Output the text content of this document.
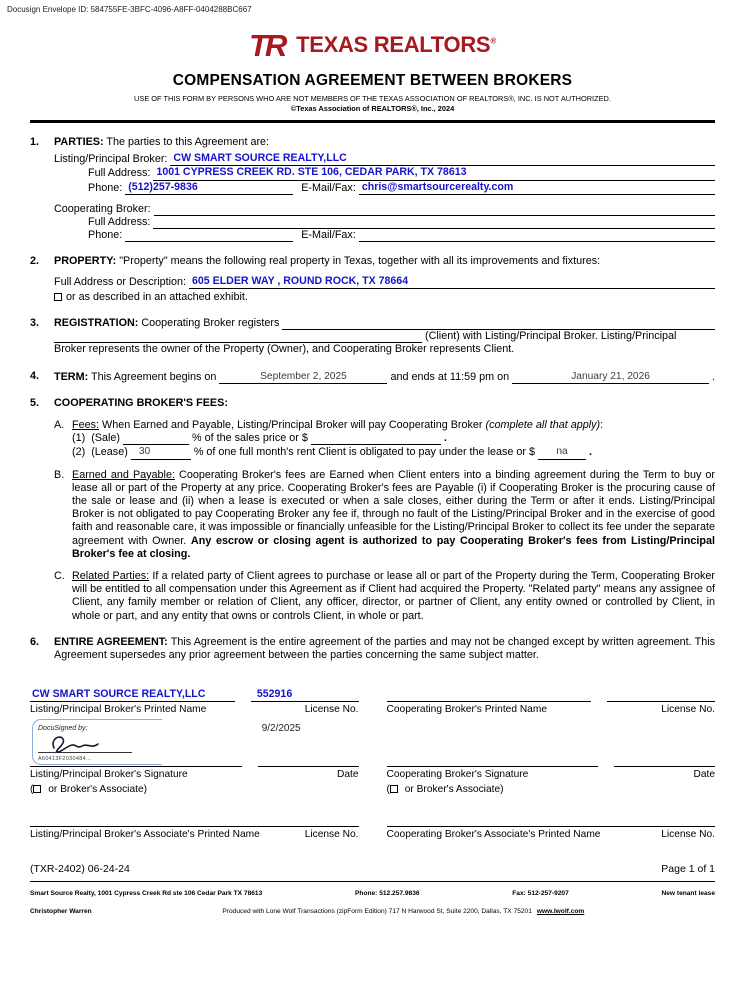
Docusign Envelope ID: 584755FE-3BFC-4096-A8FF-0404288BC667
T
R TEXAS REALTORS®
COMPENSATION AGREEMENT BETWEEN BROKERS
USE OF THIS FORM BY PERSONS WHO ARE NOT MEMBERS OF THE TEXAS ASSOCIATION OF REALTORS®, INC. IS NOT AUTHORIZED.
©Texas Association of REALTORS®, Inc., 2024
1.	PARTIES: The parties to this Agreement are:
Listing/Principal Broker: CW SMART SOURCE REALTY,LLC
Full Address: 1001 CYPRESS CREEK RD. STE 106, CEDAR PARK, TX 78613
Phone: (512)257-9836	E-Mail/Fax: chris@smartsourcerealty.com
Cooperating Broker:
Full Address:
Phone:	E-Mail/Fax:
2.	PROPERTY: "Property" means the following real property in Texas, together with all its improvements and fixtures:
Full Address or Description: 605 ELDER WAY , ROUND ROCK, TX 78664
or as described in an attached exhibit.
3.	REGISTRATION: Cooperating Broker registers
(Client) with Listing/Principal Broker. Listing/Principal
Broker represents the owner of the Property (Owner), and Cooperating Broker represents Client.
4.	TERM: This Agreement begins on	September 2, 2025	and ends at 11:59 pm on	January 21, 2026	.
5.	COOPERATING BROKER'S FEES:
A. Fees: When Earned and Payable, Listing/Principal Broker will pay Cooperating Broker (complete all that apply):
(1)  (Sale)	% of the sales price or $	.
(2)  (Lease)	30	% of one full month's rent Client is obligated to pay under the lease or $	na	.
B. Earned and Payable: Cooperating Broker's fees are Earned when Client enters into a binding agreement during the Term to buy or lease all or part of the Property at any price. Cooperating Broker's fees are Payable (i) if Cooperating Broker is the procuring cause of the sale or lease and (ii) when a lease is executed or when a sale closes, either during the Term or after it ends. Listing/Principal Broker is not obligated to pay Cooperating Broker any fee if, through no fault of the Listing/Principal Broker and in the exercise of good faith and reasonable care, it was impossible or financially unfeasible for the Listing/Principal Broker to collect its fee under the separate agreement with Owner. Any escrow or closing agent is authorized to pay Cooperating Broker's fees from Listing/Principal Broker's fee at closing.
C. Related Parties: If a related party of Client agrees to purchase or lease all or part of the Property during the Term, Cooperating Broker will be entitled to all compensation under this Agreement as if Client had acquired the Property. "Related party" means any assignee of Client, any family member or relation of Client, any officer, director, or partner of Client, any entity owned or controlled by Client, in whole or part, and any entity that owns or controls Client, in whole or part.
6.	ENTIRE AGREEMENT: This Agreement is the entire agreement of the parties and may not be changed except by written agreement. This Agreement supersedes any prior agreement between the parties concerning the same subject matter.
CW SMART SOURCE REALTY,LLC	552916
Listing/Principal Broker's Printed Name	License No.
DocuSigned by:
A60413F2030484...
9/2/2025
Listing/Principal Broker's Signature	Date
( or Broker's Associate)
Listing/Principal Broker's Associate's Printed Name	License No.
Cooperating Broker's Printed Name	License No.
Cooperating Broker's Signature	Date
( or Broker's Associate)
Cooperating Broker's Associate's Printed Name	License No.
(TXR-2402) 06-24-24	Page 1 of 1
Smart Source Realty, 1001 Cypress Creek Rd ste 106 Cedar Park TX 78613	Phone: 512.257.9836	Fax: 512-257-9207	New tenant lease
Christopher Warren	Produced with Lone Wolf Transactions (zipForm Edition) 717 N Harwood St, Suite 2200, Dallas, TX 75201 www.lwolf.com
